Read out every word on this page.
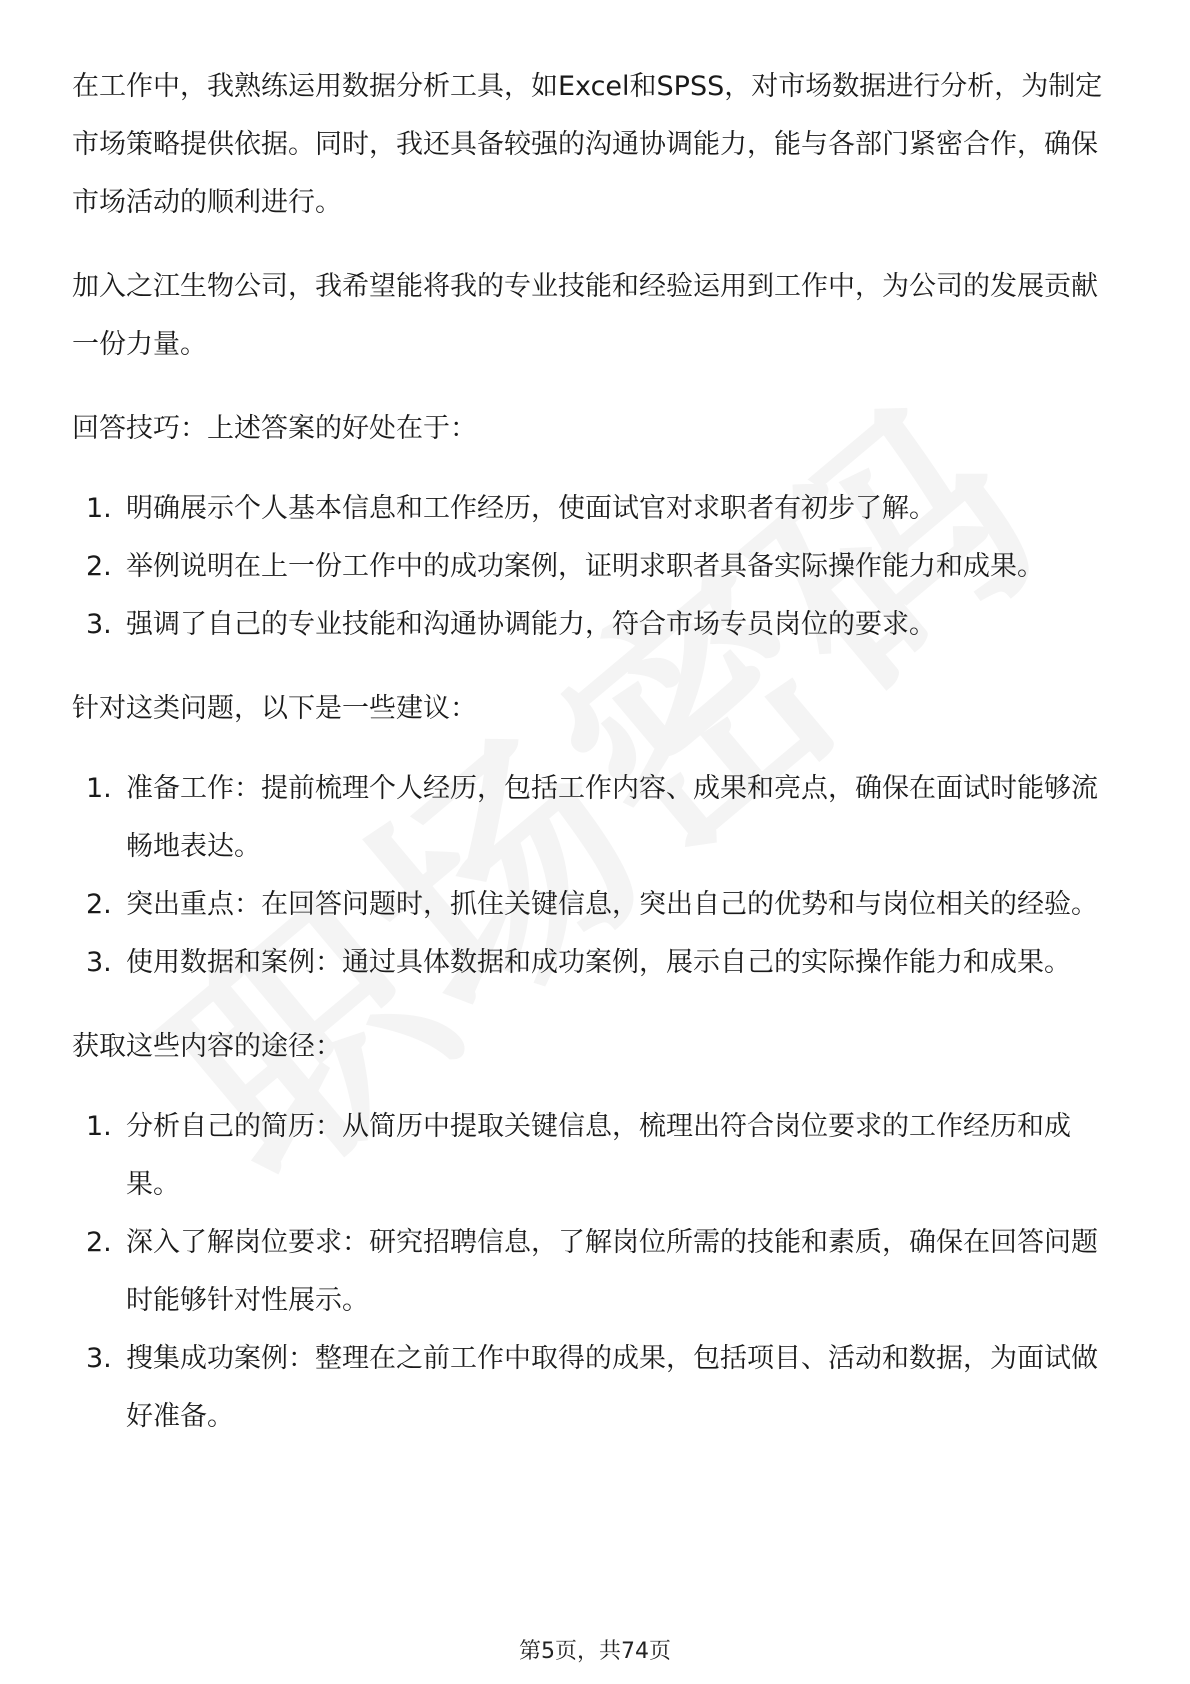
在工作中，我熟练运用数据分析工具，如Excel和SPSS，对市场数据进行分析，为制定市场策略提供依据。同时，我还具备较强的沟通协调能力，能与各部门紧密合作，确保市场活动的顺利进行。

加入之江生物公司，我希望能将我的专业技能和经验运用到工作中，为公司的发展贡献一份力量。

回答技巧：上述答案的好处在于：

1. 明确展示个人基本信息和工作经历，使面试官对求职者有初步了解。
2. 举例说明在上一份工作中的成功案例，证明求职者具备实际操作能力和成果。
3. 强调了自己的专业技能和沟通协调能力，符合市场专员岗位的要求。

针对这类问题，以下是一些建议：

1. 准备工作：提前梳理个人经历，包括工作内容、成果和亮点，确保在面试时能够流畅地表达。
2. 突出重点：在回答问题时，抓住关键信息，突出自己的优势和与岗位相关的经验。
3. 使用数据和案例：通过具体数据和成功案例，展示自己的实际操作能力和成果。

获取这些内容的途径：

1. 分析自己的简历：从简历中提取关键信息，梳理出符合岗位要求的工作经历和成果。
2. 深入了解岗位要求：研究招聘信息，了解岗位所需的技能和素质，确保在回答问题时能够针对性展示。
3. 搜集成功案例：整理在之前工作中取得的成果，包括项目、活动和数据，为面试做好准备。
第5页，共74页
